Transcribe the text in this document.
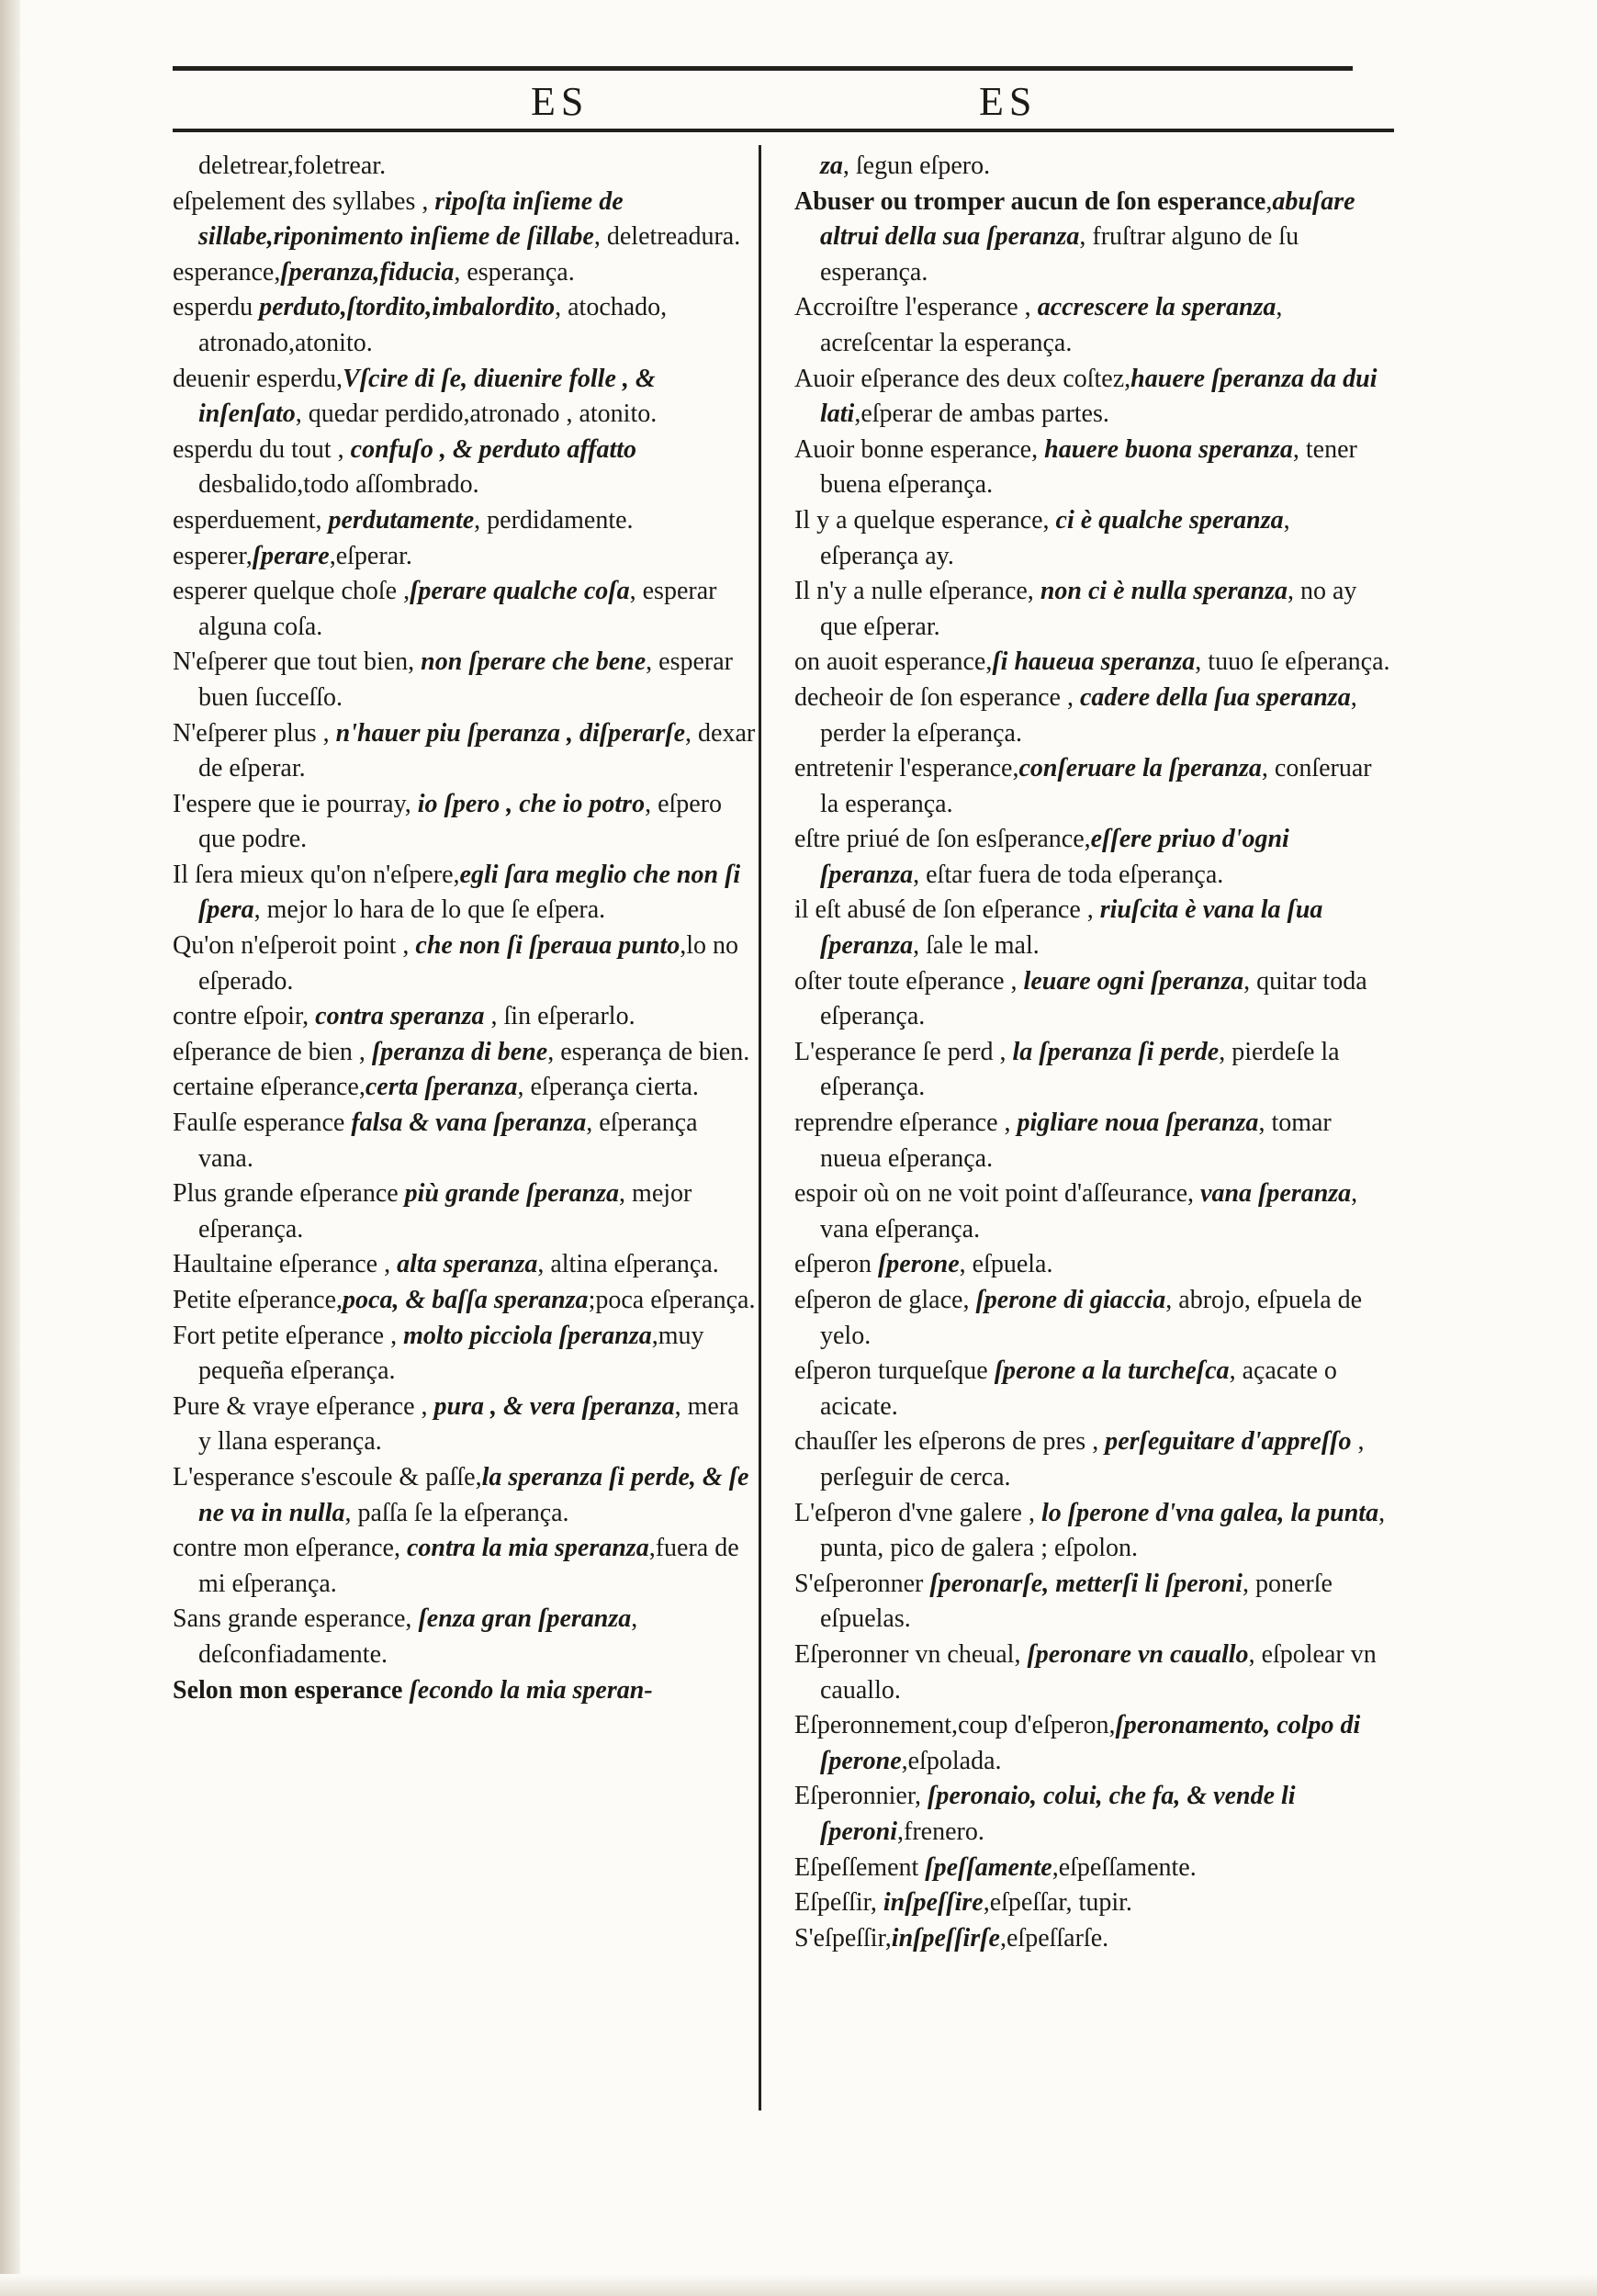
ES	ES

deletrear,foletrear.

eſpelement des syllabes , ripoſta inſieme de sillabe,riponimento inſieme de ſillabe, deletreadura.

esperance,ſperanza,fiducia, esperança.

esperdu perduto,ſtordito,imbalordito, atochado, atronado,atonito.

deuenir esperdu,Vſcire di ſe, diuenire folle , & inſenſato, quedar perdido,atronado , atonito.

esperdu du tout , confuſo , & perduto affatto desbalido,todo aſſombrado.

esperduement, perdutamente, perdidamente.

esperer,ſperare,eſperar.

esperer quelque choſe ,ſperare qualche coſa, esperar alguna coſa.

N'eſperer que tout bien, non ſperare che bene, esperar buen ſucceſſo.

N'eſperer plus , n'hauer piu ſperanza , diſperarſe, dexar de eſperar.

I'espere que ie pourray, io ſpero , che io potro, eſpero que podre.

Il ſera mieux qu'on n'eſpere,egli ſara meglio che non ſi ſpera, mejor lo hara de lo que ſe eſpera.

Qu'on n'eſperoit point , che non ſi ſperaua punto,lo no eſperado.

contre eſpoir, contra speranza , ſin eſperarlo.

eſperance de bien , ſperanza di bene, esperança de bien.

certaine eſperance,certa ſperanza, eſperança cierta.

Faulſe esperance falsa & vana ſperanza, eſperança vana.

Plus grande eſperance più grande ſperanza, mejor eſperança.

Haultaine eſperance , alta speranza, altina eſperança.

Petite eſperance,poca, & baſſa speranza;poca eſperança.

Fort petite eſperance , molto picciola ſperanza,muy pequeña eſperança.

Pure & vraye eſperance , pura , & vera ſperanza, mera y llana esperança.

L'esperance s'escoule & paſſe,la speranza ſi perde, & ſe ne va in nulla, paſſa ſe la eſperança.

contre mon eſperance, contra la mia speranza,fuera de mi eſperança.

Sans grande esperance, ſenza gran ſperanza, deſconfiadamente.

Selon mon esperance ſecondo la mia speran-

za, ſegun eſpero.

Abuser ou tromper aucun de ſon esperance,abuſare altrui della sua ſperanza, fruſtrar alguno de ſu esperança.

Accroiſtre l'esperance , accrescere la speranza, acreſcentar la esperança.

Auoir eſperance des deux coſtez,hauere ſperanza da dui lati,eſperar de ambas partes.

Auoir bonne esperance, hauere buona speranza, tener buena eſperança.

Il y a quelque esperance, ci è qualche speranza, eſperança ay.

Il n'y a nulle eſperance, non ci è nulla speranza, no ay que eſperar.

on auoit esperance,ſi haueua speranza, tuuo ſe eſperança.

decheoir de ſon esperance , cadere della ſua speranza, perder la eſperança.

entretenir l'esperance,conſeruare la ſperanza, conſeruar la esperança.

eſtre priué de ſon esſperance,eſſere priuo d'ogni ſperanza, eſtar fuera de toda eſperança.

il eſt abusé de ſon eſperance , riuſcita è vana la ſua ſperanza, ſale le mal.

oſter toute eſperance , leuare ogni ſperanza, quitar toda eſperança.

L'esperance ſe perd , la ſperanza ſi perde, pierdeſe la eſperança.

reprendre eſperance , pigliare noua ſperanza, tomar nueua eſperança.

espoir où on ne voit point d'aſſeurance, vana ſperanza, vana eſperança.

eſperon ſperone, eſpuela.

eſperon de glace, ſperone di giaccia, abrojo, eſpuela de yelo.

eſperon turqueſque ſperone a la turcheſca, açacate o acicate.

chauſſer les eſperons de pres , perſeguitare d'appreſſo , perſeguir de cerca.

L'eſperon d'vne galere , lo ſperone d'vna galea, la punta, punta, pico de galera ; eſpolon.

S'eſperonner ſperonarſe, metterſi li ſperoni, ponerſe eſpuelas.

Eſperonner vn cheual, ſperonare vn cauallo, eſpolear vn cauallo.

Eſperonnement,coup d'eſperon,ſperonamento, colpo di ſperone,eſpolada.

Eſperonnier, ſperonaio, colui, che fa, & vende li ſperoni,frenero.

Eſpeſſement ſpeſſamente,eſpeſſamente.

Eſpeſſir, inſpeſſire,eſpeſſar, tupir.

S'eſpeſſir,inſpeſſirſe,eſpeſſarſe.
